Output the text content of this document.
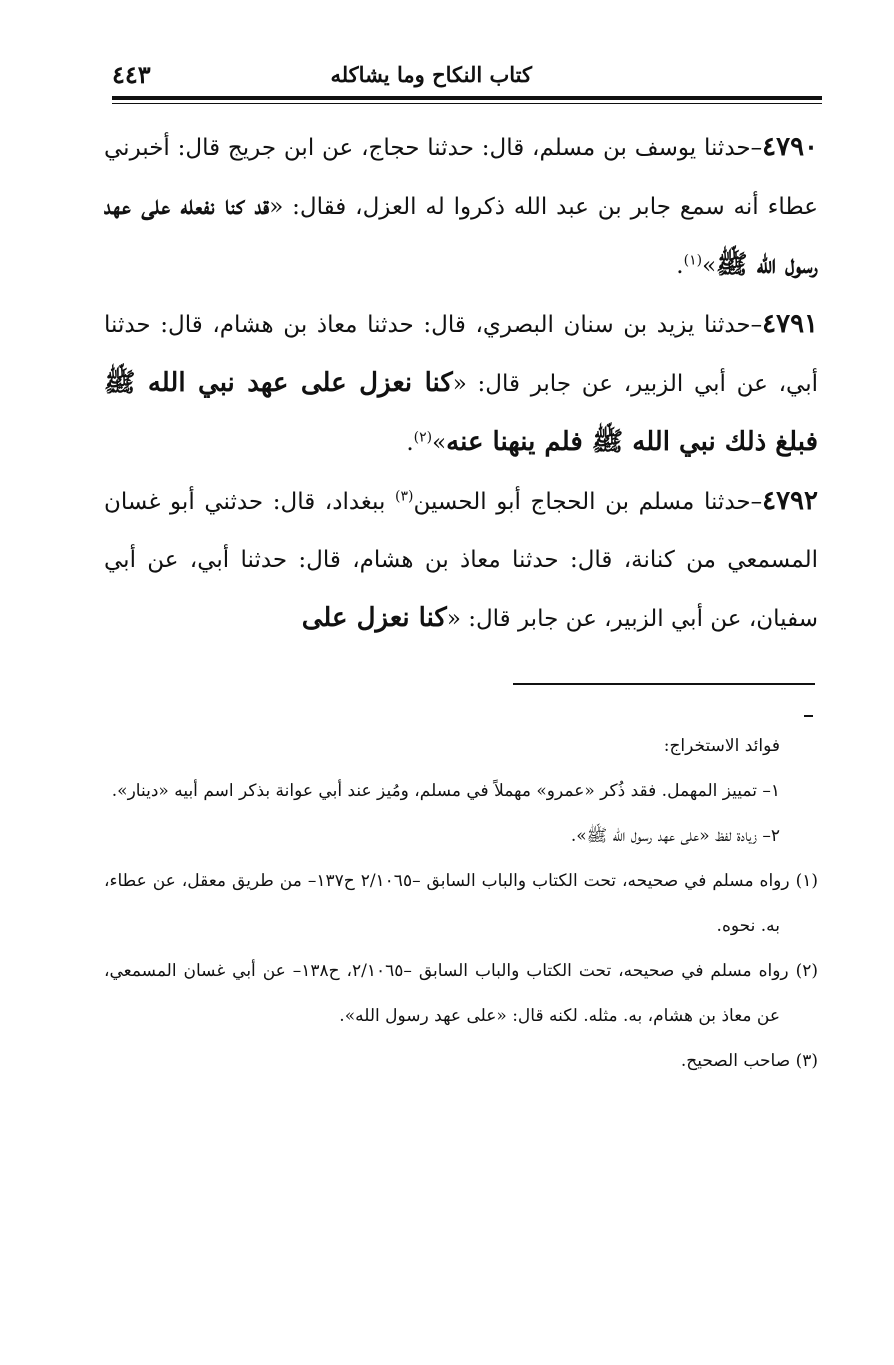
كتاب النكاح وما يشاكله
٤٤٣

٤٧٩٠–حدثنا يوسف بن مسلم، قال: حدثنا حجاج، عن ابن جريج قال: أخبرني عطاء أنه سمع جابر بن عبد الله ذكروا له العزل، فقال: «قد كنا نفعله على عهد رسول الله ﷺ»$^{(١)}$.

٤٧٩١–حدثنا يزيد بن سنان البصري، قال: حدثنا معاذ بن هشام، قال: حدثنا أبي، عن أبي الزبير، عن جابر قال: «كنا نعزل على عهد نبي الله ﷺ فبلغ ذلك نبي الله ﷺ فلم ينهنا عنه»$^{(٢)}$.

٤٧٩٢–حدثنا مسلم بن الحجاج أبو الحسين$^{(٣)}$ ببغداد، قال: حدثني أبو غسان المسمعي من كنانة، قال: حدثنا معاذ بن هشام، قال: حدثنا أبي، عن أبي سفيان، عن أبي الزبير، عن جابر قال: «كنا نعزل على

فوائد الاستخراج:

١– تمييز المهمل. فقد ذُكر «عمرو» مهملاً في مسلم، ومُيز عند أبي عوانة بذكر اسم أبيه «دينار».

٢– زيادة لفظ «على عهد رسول الله ﷺ».

(١) رواه مسلم في صحيحه، تحت الكتاب والباب السابق –٢/١٠٦٥ ح١٣٧– من طريق معقل، عن عطاء، به. نحوه.

(٢) رواه مسلم في صحيحه، تحت الكتاب والباب السابق –٢/١٠٦٥، ح١٣٨– عن أبي غسان المسمعي، عن معاذ بن هشام، به. مثله. لكنه قال: «على عهد رسول الله».

(٣) صاحب الصحيح.
